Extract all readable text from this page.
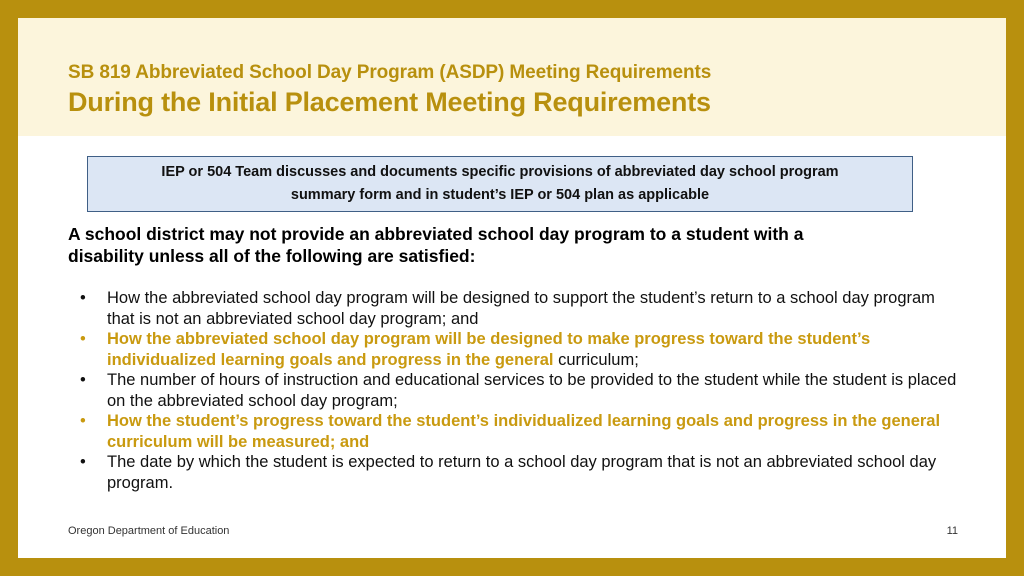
SB 819 Abbreviated School Day Program (ASDP) Meeting Requirements
During the Initial Placement Meeting Requirements
IEP or 504 Team discusses and documents specific provisions of abbreviated day school program
summary form and in student’s IEP or 504 plan as applicable
A school district may not provide an abbreviated school day program to a student with a
disability unless all of the following are satisfied:
• How the abbreviated school day program will be designed to support the student’s return to a school day program that is not an abbreviated school day program; and
• How the abbreviated school day program will be designed to make progress toward the student’s individualized learning goals and progress in the general curriculum;
• The number of hours of instruction and educational services to be provided to the student while the student is placed on the abbreviated school day program;
• How the student’s progress toward the student’s individualized learning goals and progress in the general curriculum will be measured; and
• The date by which the student is expected to return to a school day program that is not an abbreviated school day program.
Oregon Department of Education	11
